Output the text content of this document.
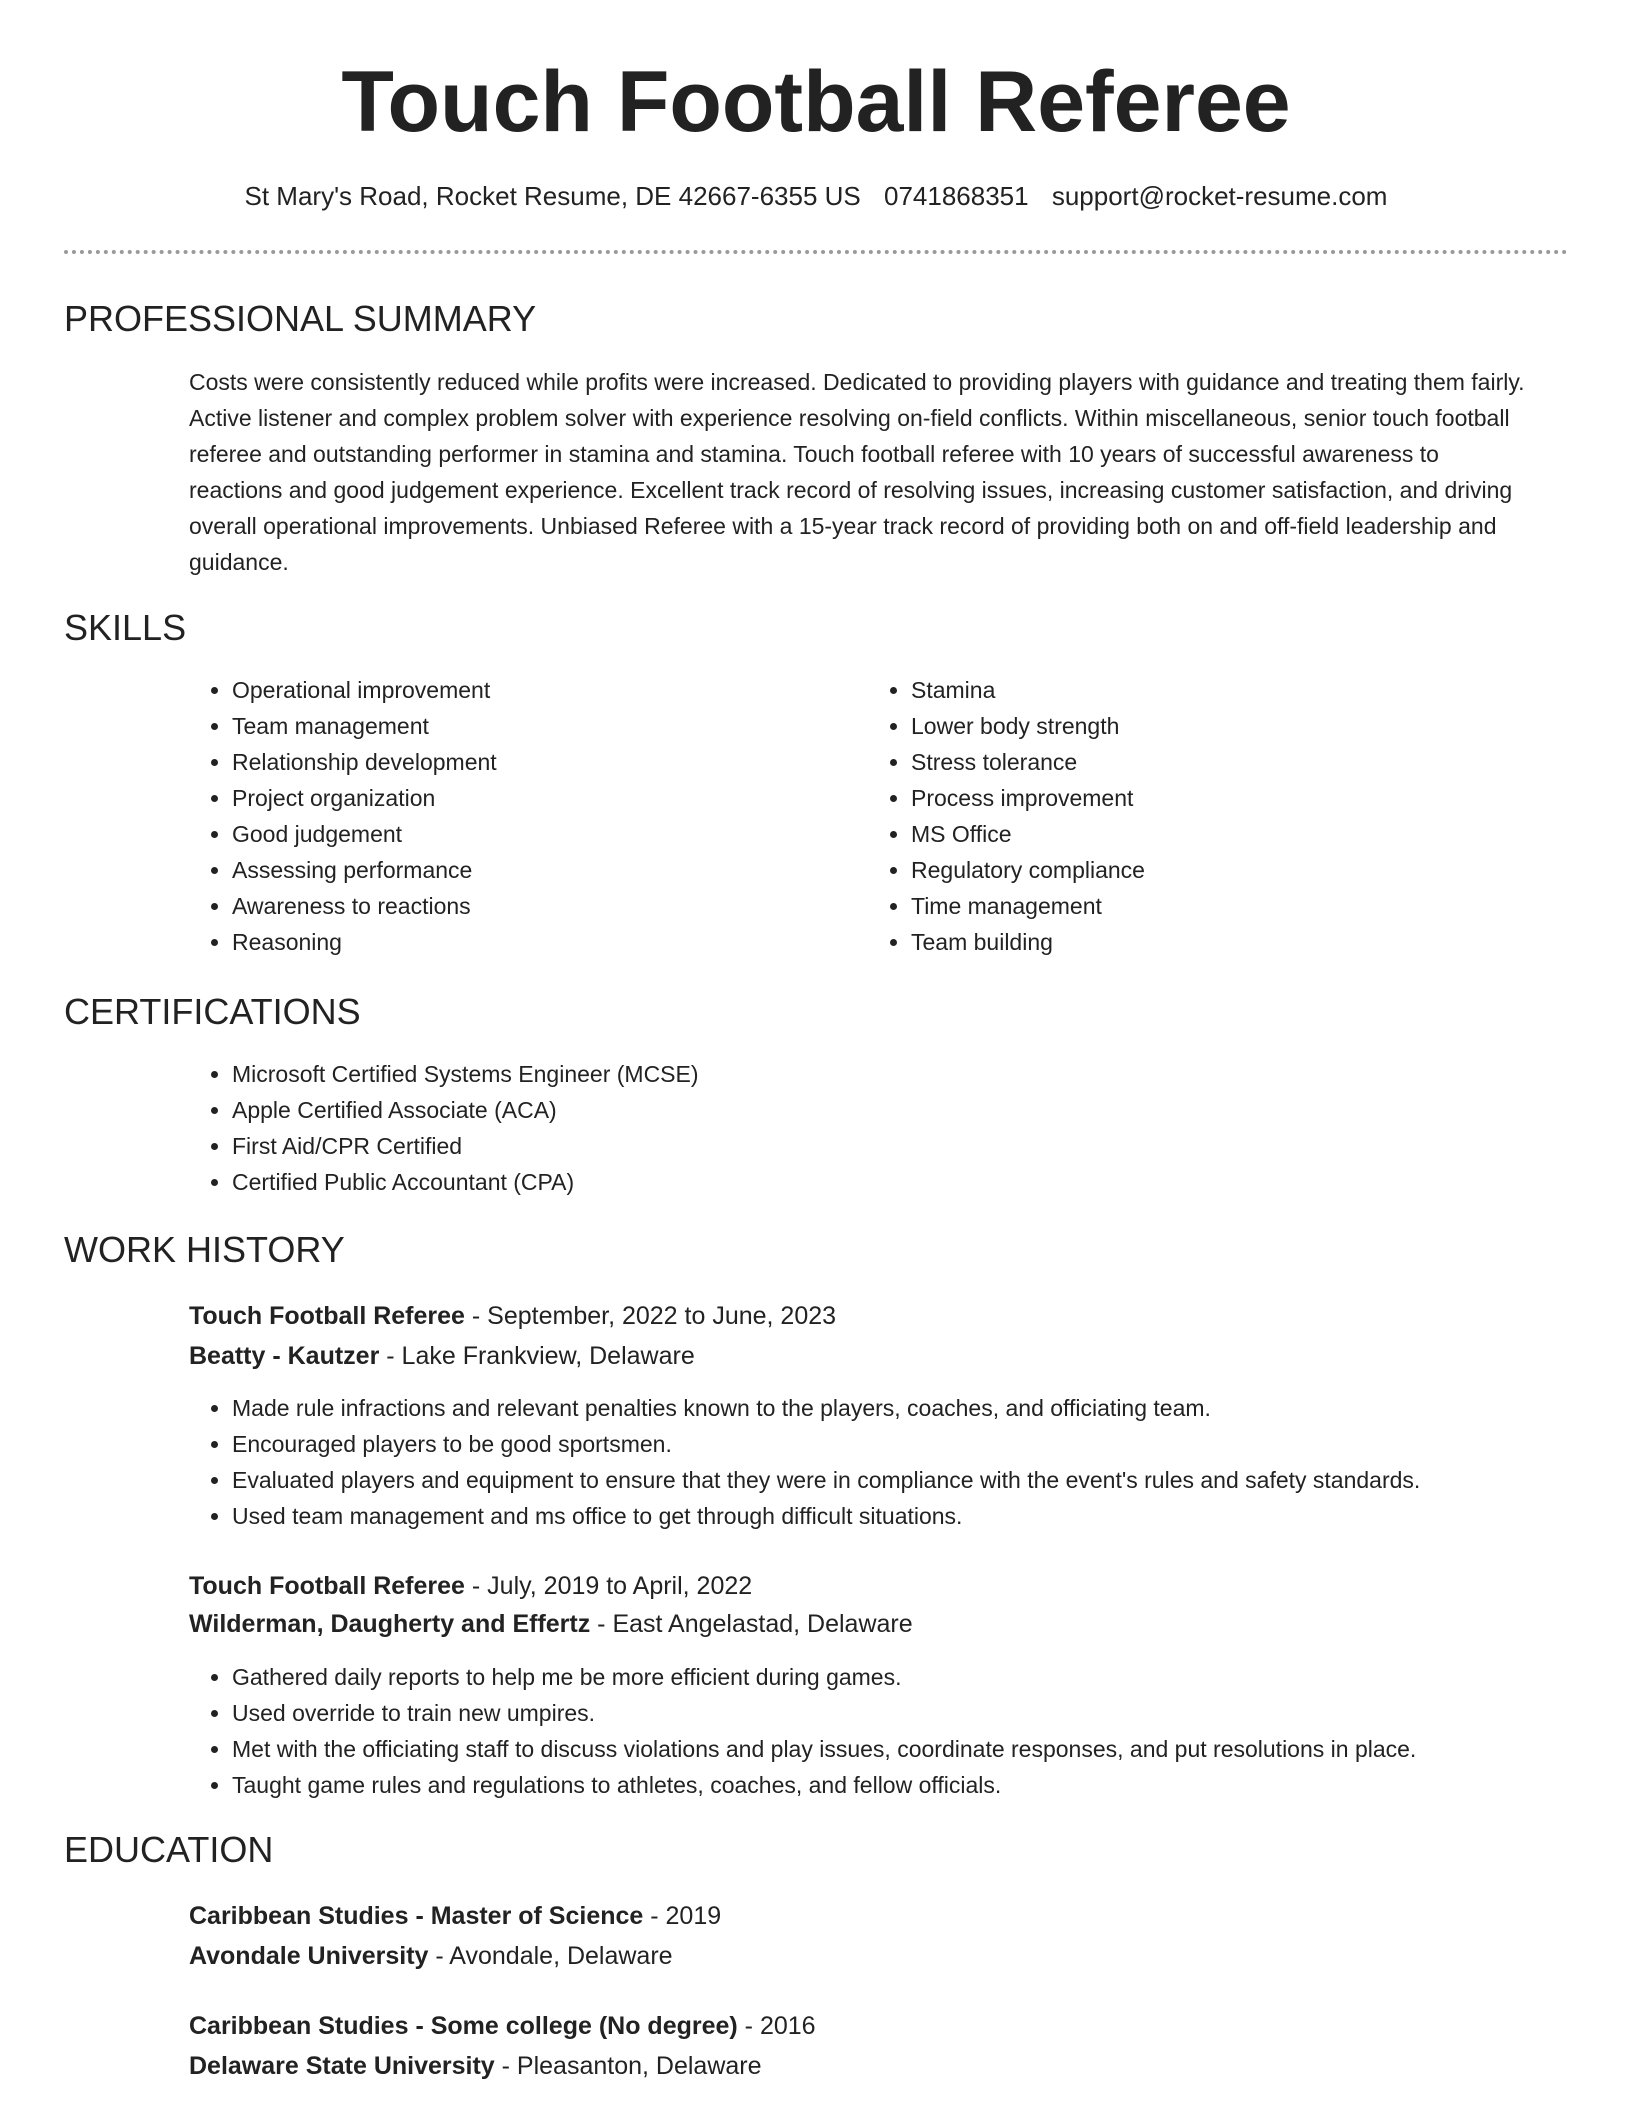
Touch Football Referee
St Mary's Road, Rocket Resume, DE 42667-6355 US 0741868351 support@rocket-resume.com
PROFESSIONAL SUMMARY

Costs were consistently reduced while profits were increased. Dedicated to providing players with guidance and treating them fairly. Active listener and complex problem solver with experience resolving on-field conflicts. Within miscellaneous, senior touch football referee and outstanding performer in stamina and stamina. Touch football referee with 10 years of successful awareness to reactions and good judgement experience. Excellent track record of resolving issues, increasing customer satisfaction, and driving overall operational improvements. Unbiased Referee with a 15-year track record of providing both on and off-field leadership and guidance.

SKILLS
• Operational improvement
• Team management
• Relationship development
• Project organization
• Good judgement
• Assessing performance
• Awareness to reactions
• Reasoning
• Stamina
• Lower body strength
• Stress tolerance
• Process improvement
• MS Office
• Regulatory compliance
• Time management
• Team building
CERTIFICATIONS
• Microsoft Certified Systems Engineer (MCSE)
• Apple Certified Associate (ACA)
• First Aid/CPR Certified
• Certified Public Accountant (CPA)
WORK HISTORY
Touch Football Referee - September, 2022 to June, 2023
Beatty - Kautzer - Lake Frankview, Delaware
• Made rule infractions and relevant penalties known to the players, coaches, and officiating team.
• Encouraged players to be good sportsmen.
• Evaluated players and equipment to ensure that they were in compliance with the event's rules and safety standards.
• Used team management and ms office to get through difficult situations.
Touch Football Referee - July, 2019 to April, 2022
Wilderman, Daugherty and Effertz - East Angelastad, Delaware
• Gathered daily reports to help me be more efficient during games.
• Used override to train new umpires.
• Met with the officiating staff to discuss violations and play issues, coordinate responses, and put resolutions in place.
• Taught game rules and regulations to athletes, coaches, and fellow officials.
EDUCATION
Caribbean Studies - Master of Science - 2019
Avondale University - Avondale, Delaware
Caribbean Studies - Some college (No degree) - 2016
Delaware State University - Pleasanton, Delaware
